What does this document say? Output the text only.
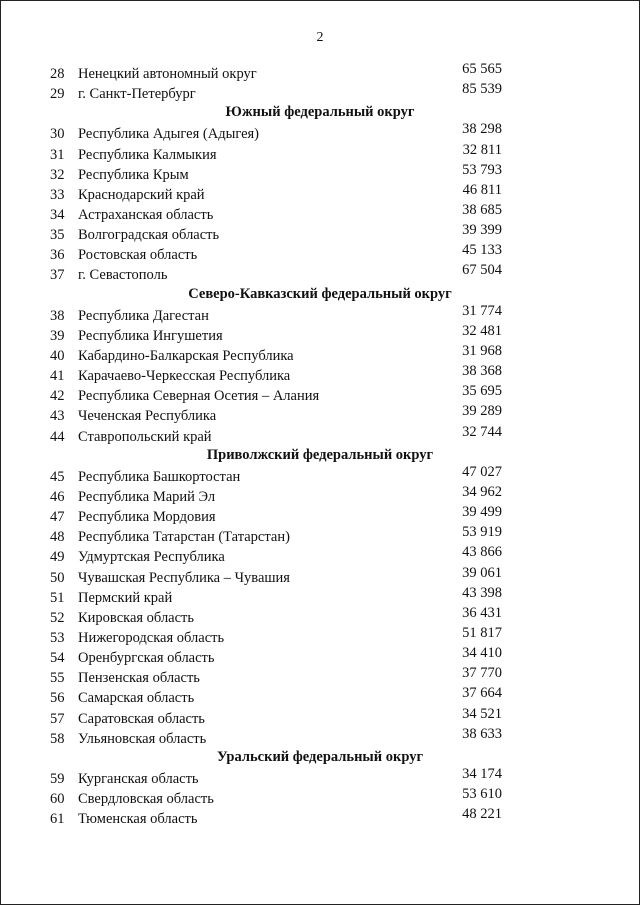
2
28 Ненецкий автономный округ	65 565
29 г. Санкт-Петербург	85 539
Южный федеральный округ
30 Республика Адыгея (Адыгея)	38 298
31 Республика Калмыкия	32 811
32 Республика Крым	53 793
33 Краснодарский край	46 811
34 Астраханская область	38 685
35 Волгоградская область	39 399
36 Ростовская область	45 133
37 г. Севастополь	67 504
Северо-Кавказский федеральный округ
38 Республика Дагестан	31 774
39 Республика Ингушетия	32 481
40 Кабардино-Балкарская Республика	31 968
41 Карачаево-Черкесская Республика	38 368
42 Республика Северная Осетия – Алания	35 695
43 Чеченская Республика	39 289
44 Ставропольский край	32 744
Приволжский федеральный округ
45 Республика Башкортостан	47 027
46 Республика Марий Эл	34 962
47 Республика Мордовия	39 499
48 Республика Татарстан (Татарстан)	53 919
49 Удмуртская Республика	43 866
50 Чувашская Республика – Чувашия	39 061
51 Пермский край	43 398
52 Кировская область	36 431
53 Нижегородская область	51 817
54 Оренбургская область	34 410
55 Пензенская область	37 770
56 Самарская область	37 664
57 Саратовская область	34 521
58 Ульяновская область	38 633
Уральский федеральный округ
59 Курганская область	34 174
60 Свердловская область	53 610
61 Тюменская область	48 221
